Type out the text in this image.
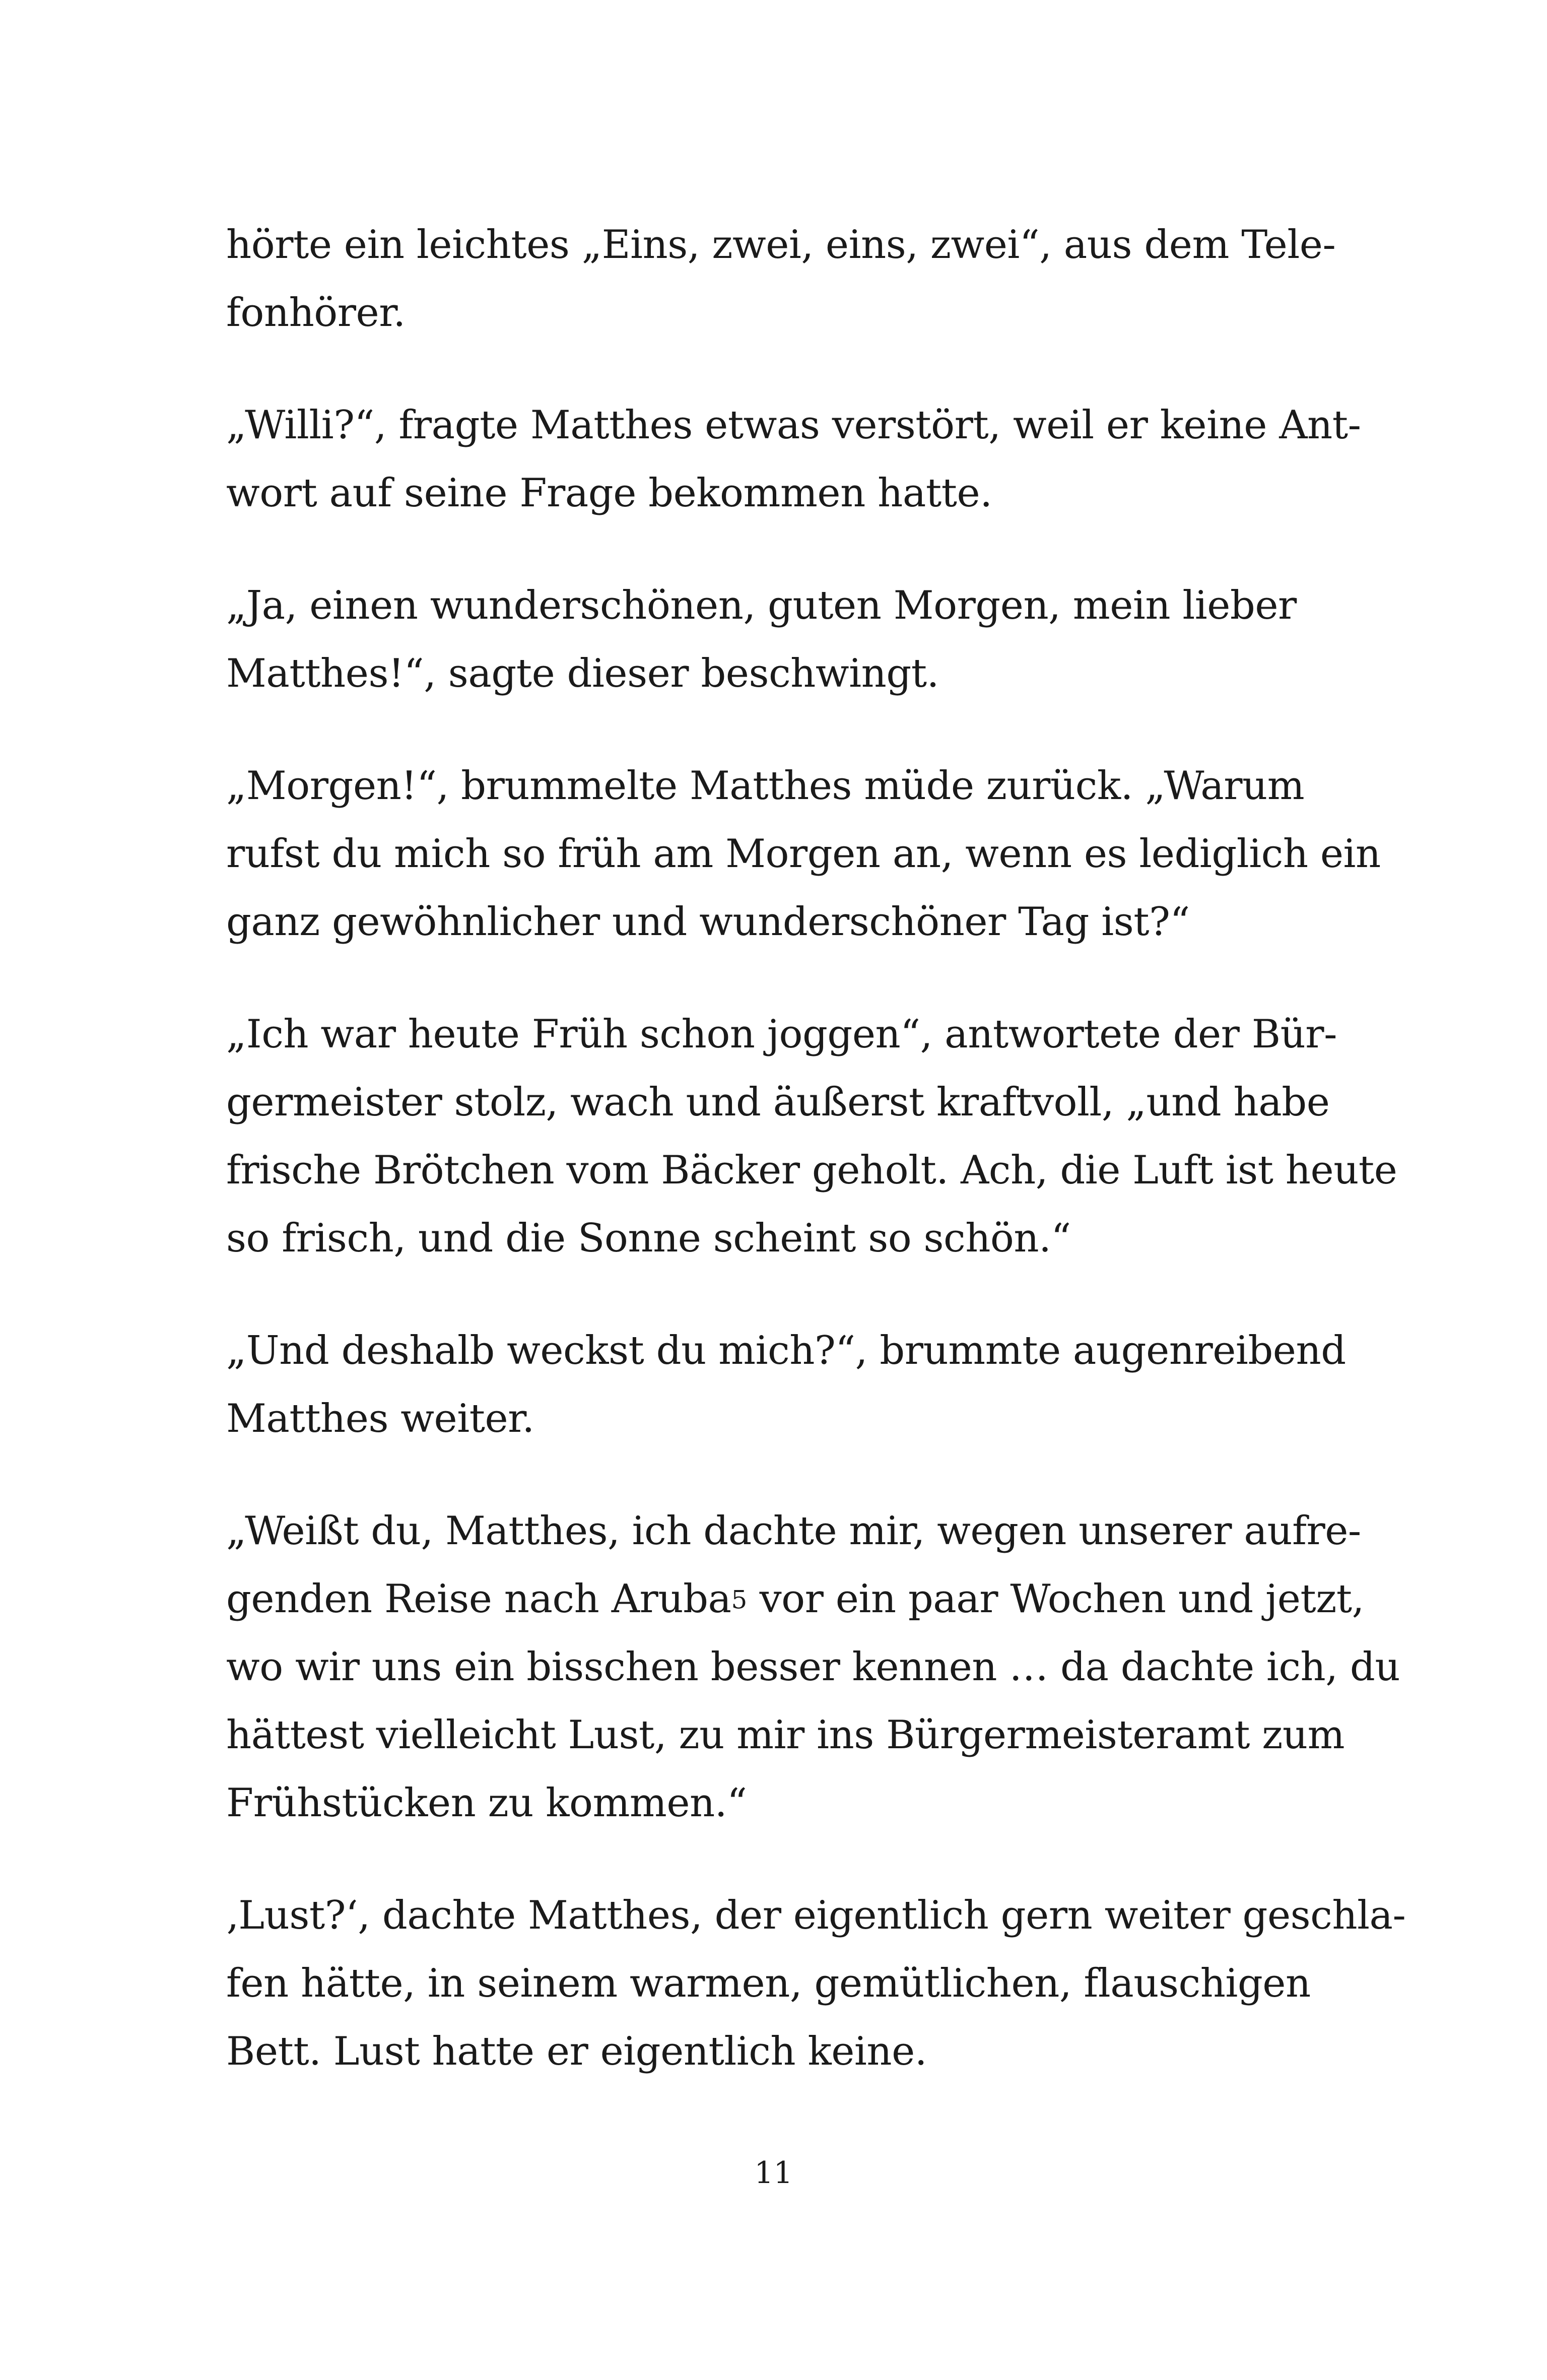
hörte ein leichtes „Eins, zwei, eins, zwei“, aus dem Tele-

fonhörer.

„Willi?“, fragte Matthes etwas verstört, weil er keine Ant-

wort auf seine Frage bekommen hatte.

„Ja, einen wunderschönen, guten Morgen, mein lieber

Matthes!“, sagte dieser beschwingt.

„Morgen!“, brummelte Matthes müde zurück. „Warum

rufst du mich so früh am Morgen an, wenn es lediglich ein

ganz gewöhnlicher und wunderschöner Tag ist?“

„Ich war heute Früh schon joggen“, antwortete der Bür-

germeister stolz, wach und äußerst kraftvoll, „und habe

frische Brötchen vom Bäcker geholt. Ach, die Luft ist heute

so frisch, und die Sonne scheint so schön.“

„Und deshalb weckst du mich?“, brummte augenreibend

Matthes weiter.

„Weißt du, Matthes, ich dachte mir, wegen unserer aufre-

genden Reise nach Aruba5 vor ein paar Wochen und jetzt,

wo wir uns ein bisschen besser kennen … da dachte ich, du

hättest vielleicht Lust, zu mir ins Bürgermeisteramt zum

Frühstücken zu kommen.“

‚Lust?‘, dachte Matthes, der eigentlich gern weiter geschla-

fen hätte, in seinem warmen, gemütlichen, flauschigen

Bett. Lust hatte er eigentlich keine.

11
